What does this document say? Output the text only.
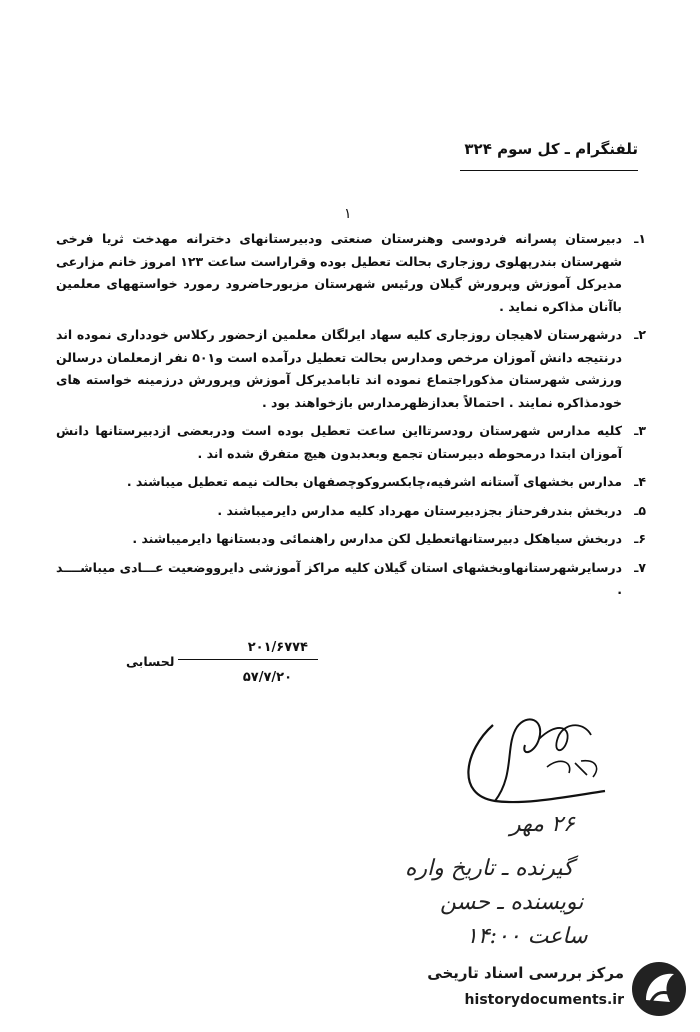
تلفنگرام ـ کل سوم ۳۲۴
١
١ـ
دبیرستان پسرانه فردوسی وهنرستان صنعتی ودبیرستانهای دخترانه مهدخت ثریا فرخی شهرستان بندرپهلوی روزجاری بحالت تعطیل بوده وقراراست ساعت ۱۲۳ امروز خانم مزارعی مدیرکل آموزش وپرورش گیلان ورئیس شهرستان مزبورحاضرود رمورد خواستههای معلمین باآنان مذاکره نماید .
۲ـ
درشهرستان لاهیجان روزجاری کلیه سهاد ایرلگان معلمین ازحضور رکلاس خودداری نموده اند درنتیجه دانش آموزان مرخص ومدارس بحالت تعطیل درآمده است و۵۰۱ نفر ازمعلمان درسالن ورزشی شهرستان مذکوراجتماع نموده اند تابامدیرکل آموزش وپرورش درزمینه خواسته های خودمذاکره نمایند . احتمالاً بعدازظهرمدارس بازخواهند بود .
۳ـ
کلیه مدارس شهرستان رودسرتااین ساعت تعطیل بوده است ودربعضی ازدبیرستانها دانش آموزان ابتدا درمحوطه دبیرستان تجمع وبعدبدون هیچ متفرق شده اند .
۴ـ
مدارس بخشهای آستانه اشرفیه،چابکسروکوچصفهان بحالت نیمه تعطیل میباشند .
۵ـ
دربخش بندرفرحناز بجزدبیرستان مهرداد کلیه مدارس دایرمیباشند .
۶ـ
دربخش سیاهکل دبیرستانهاتعطیل لکن مدارس راهنمائی ودبستانها دایرمیباشند .
۷ـ
درسایرشهرستانهاوبخشهای استان گیلان کلیه مراکز آموزشی دایرووضعیت عـــادی میباشــــد .
۲۰۱/۶۷۷۴
لحسابی
۵۷/۷/۲۰
۲۶ مهر
گیرنده ـ تاریخ واره
نویسنده ـ حسن
ساعت ۱۴:۰۰
مرکز بررسی اسناد تاریخی
historydocuments.ir
